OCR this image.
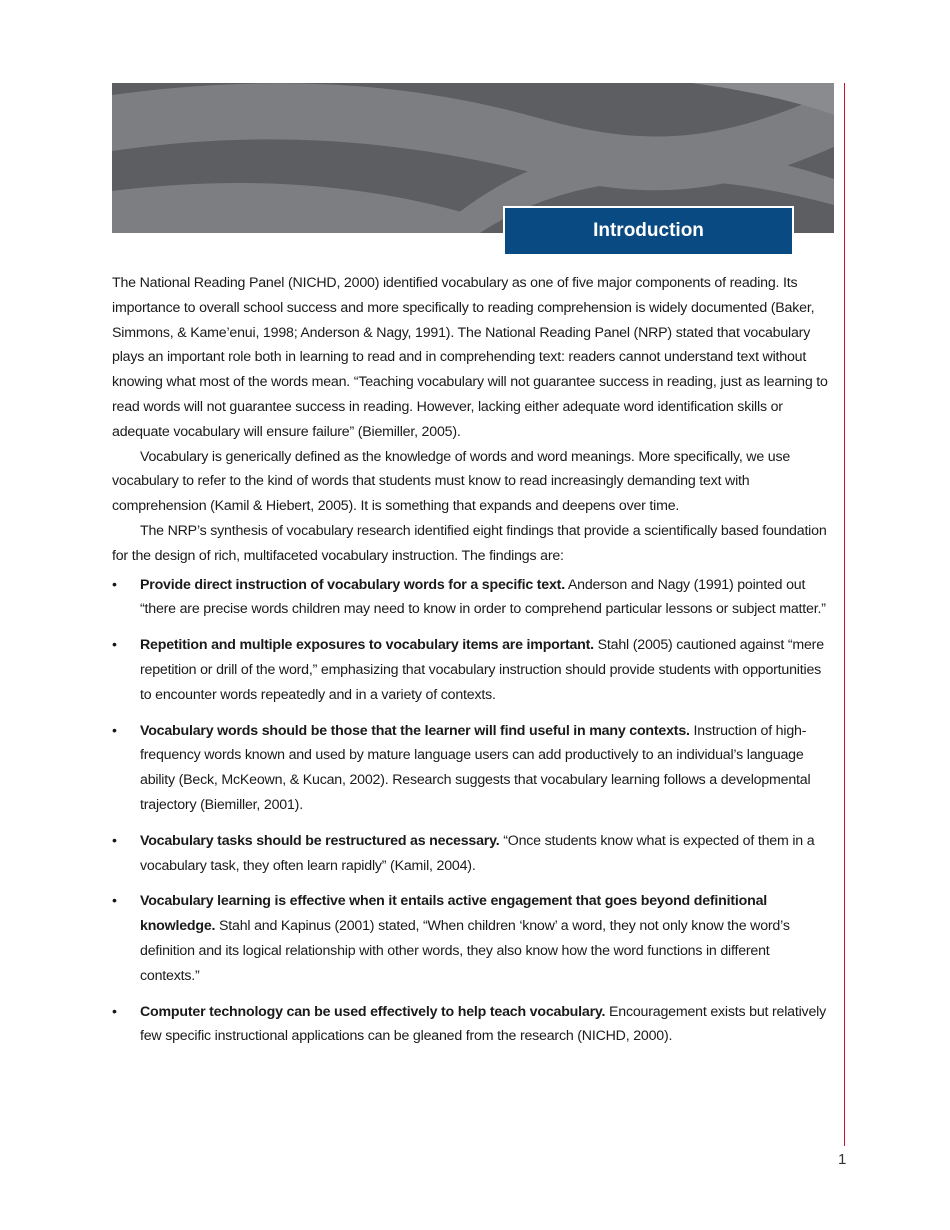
Introduction

The National Reading Panel (NICHD, 2000) identified vocabulary as one of five major components of reading. Its importance to overall school success and more specifically to reading comprehension is widely documented (Baker, Simmons, & Kame’enui, 1998; Anderson & Nagy, 1991). The National Reading Panel (NRP) stated that vocabulary plays an important role both in learning to read and in comprehending text: readers cannot understand text without knowing what most of the words mean. “Teaching vocabulary will not guarantee success in reading, just as learning to read words will not guarantee success in reading. However, lacking either adequate word identification skills or adequate vocabulary will ensure failure” (Biemiller, 2005).

Vocabulary is generically defined as the knowledge of words and word meanings. More specifically, we use vocabulary to refer to the kind of words that students must know to read increasingly demanding text with comprehension (Kamil & Hiebert, 2005). It is something that expands and deepens over time.

The NRP’s synthesis of vocabulary research identified eight findings that provide a scientifically based foundation for the design of rich, multifaceted vocabulary instruction. The findings are:

• Provide direct instruction of vocabulary words for a specific text. Anderson and Nagy (1991) pointed out “there are precise words children may need to know in order to comprehend particular lessons or subject matter.”
• Repetition and multiple exposures to vocabulary items are important. Stahl (2005) cautioned against “mere repetition or drill of the word,” emphasizing that vocabulary instruction should provide students with opportunities to encounter words repeatedly and in a variety of contexts.
• Vocabulary words should be those that the learner will find useful in many contexts. Instruction of high-frequency words known and used by mature language users can add productively to an individual’s language ability (Beck, McKeown, & Kucan, 2002). Research suggests that vocabulary learning follows a developmental trajectory (Biemiller, 2001).
• Vocabulary tasks should be restructured as necessary. “Once students know what is expected of them in a vocabulary task, they often learn rapidly” (Kamil, 2004).
• Vocabulary learning is effective when it entails active engagement that goes beyond definitional knowledge. Stahl and Kapinus (2001) stated, “When children ‘know’ a word, they not only know the word’s definition and its logical relationship with other words, they also know how the word functions in different contexts.”
• Computer technology can be used effectively to help teach vocabulary. Encouragement exists but relatively few specific instructional applications can be gleaned from the research (NICHD, 2000).
1
